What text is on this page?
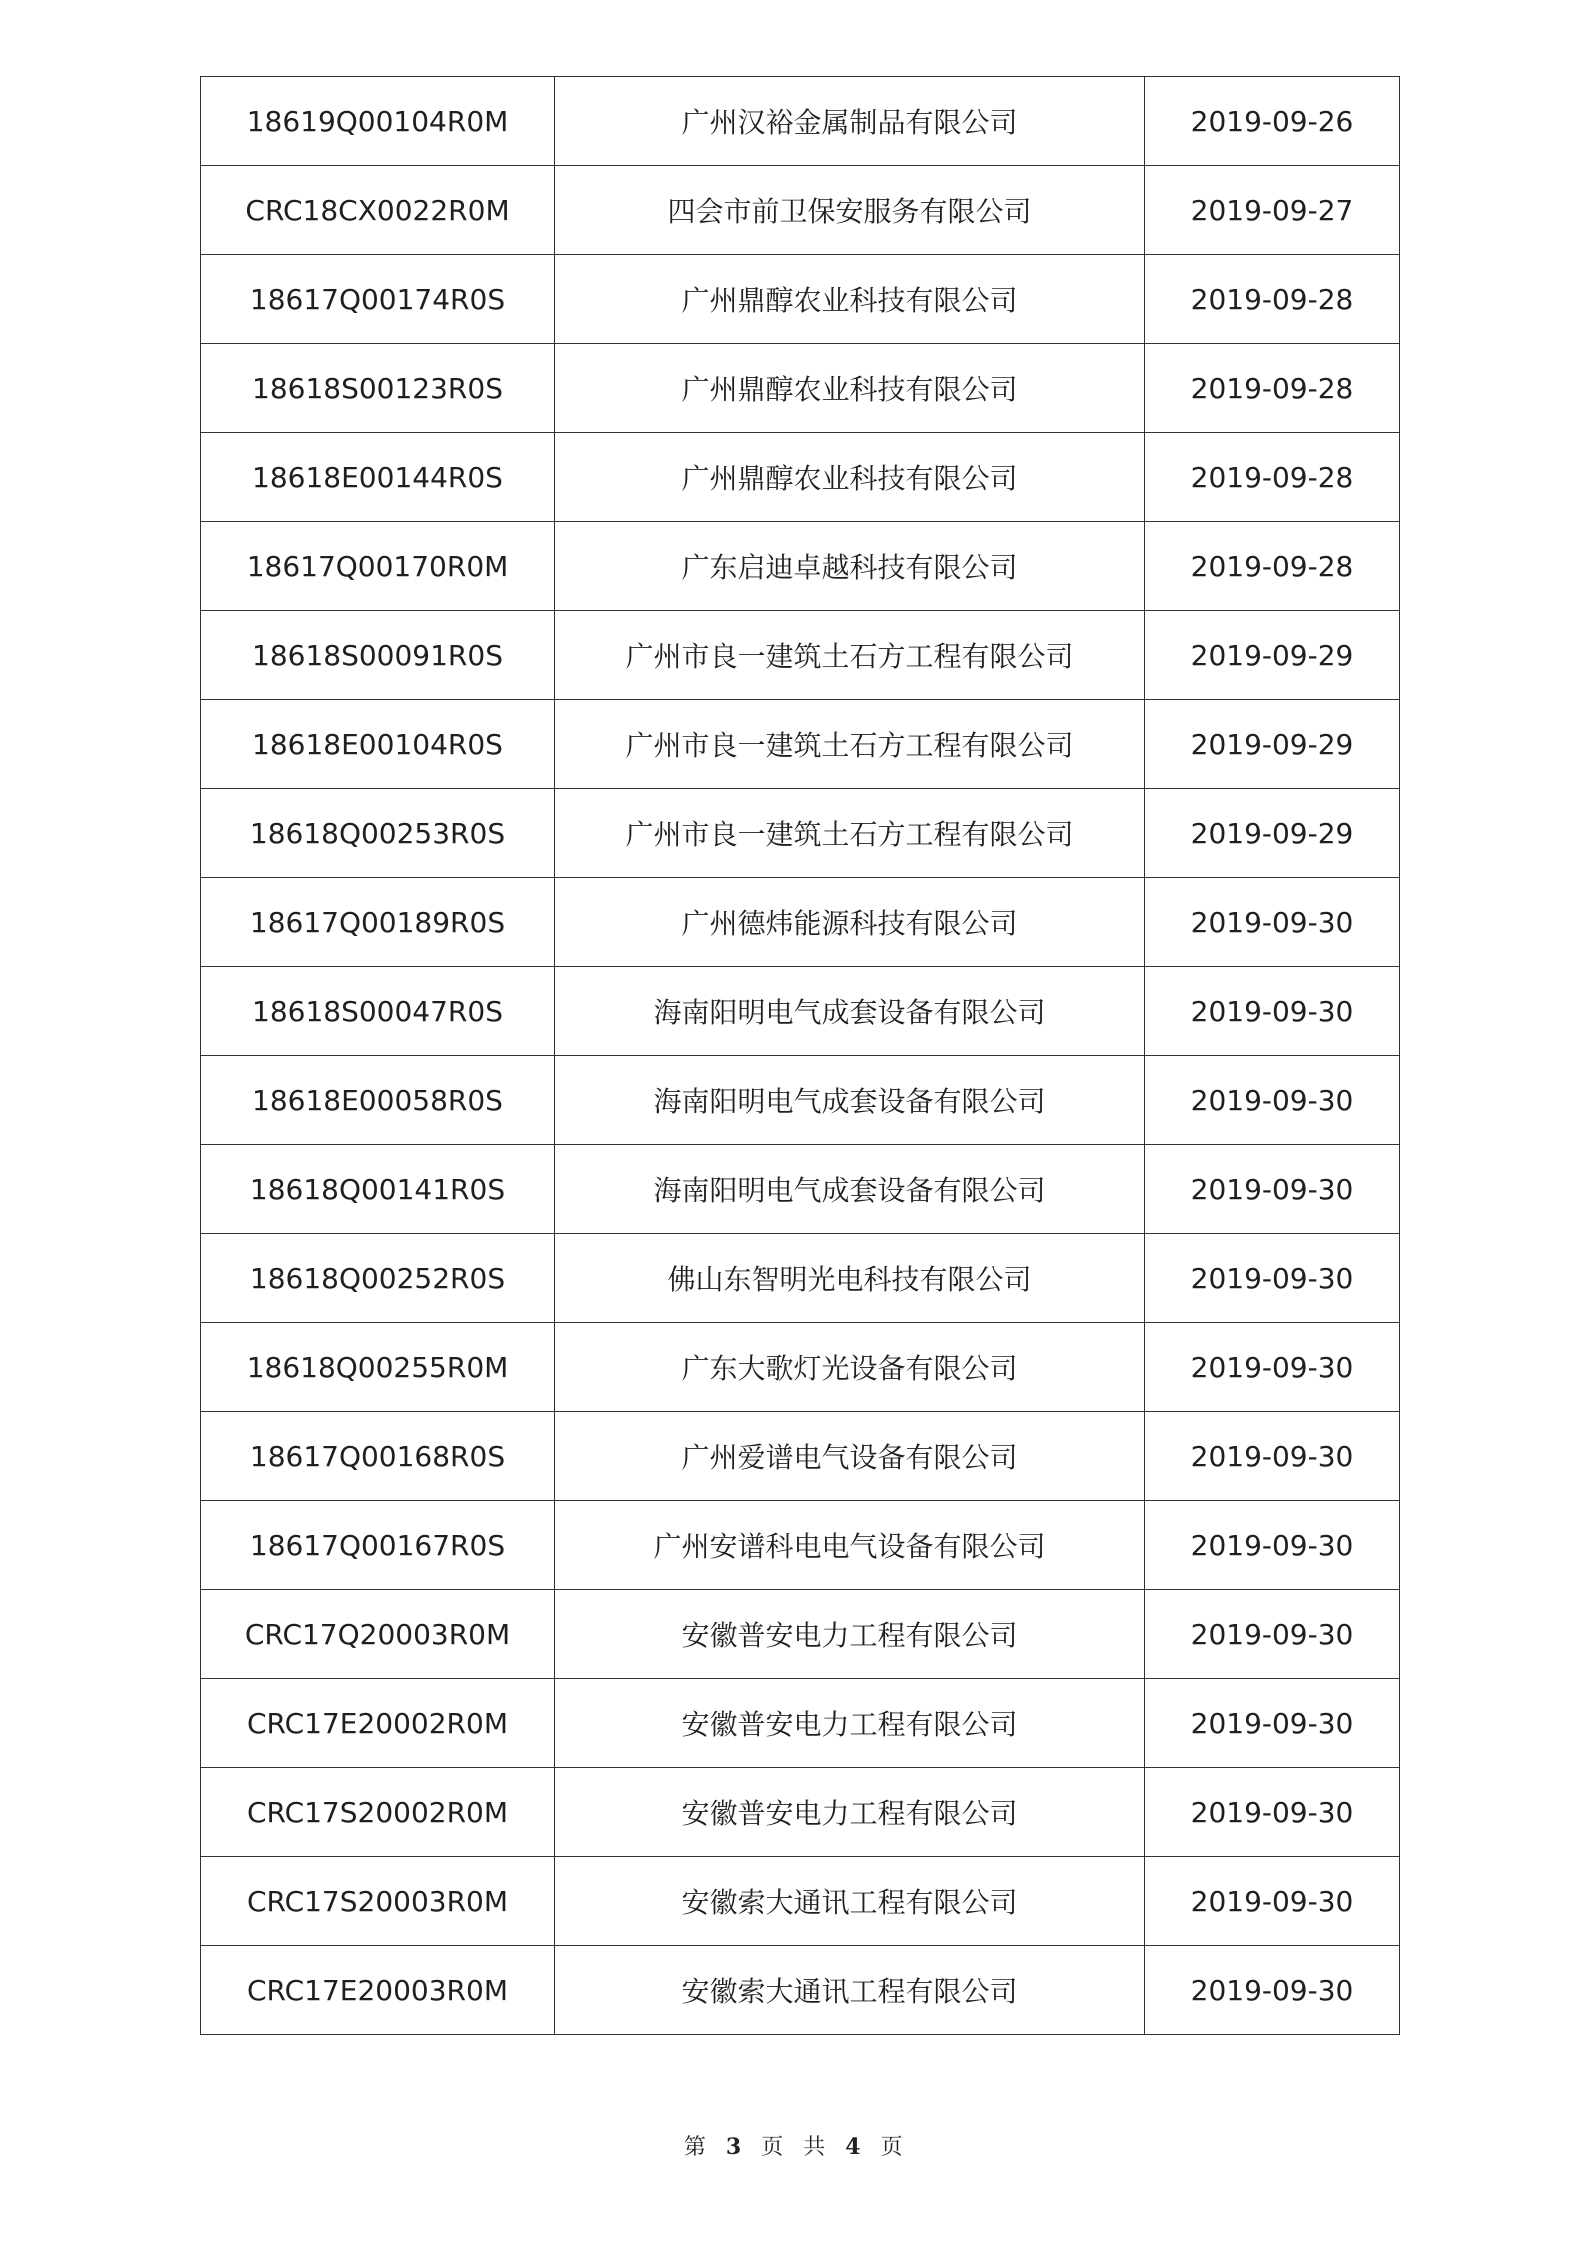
18619Q00104R0M	广州汉裕金属制品有限公司	2019-09-26
CRC18CX0022R0M	四会市前卫保安服务有限公司	2019-09-27
18617Q00174R0S	广州鼎醇农业科技有限公司	2019-09-28
18618S00123R0S	广州鼎醇农业科技有限公司	2019-09-28
18618E00144R0S	广州鼎醇农业科技有限公司	2019-09-28
18617Q00170R0M	广东启迪卓越科技有限公司	2019-09-28
18618S00091R0S	广州市良一建筑土石方工程有限公司	2019-09-29
18618E00104R0S	广州市良一建筑土石方工程有限公司	2019-09-29
18618Q00253R0S	广州市良一建筑土石方工程有限公司	2019-09-29
18617Q00189R0S	广州德炜能源科技有限公司	2019-09-30
18618S00047R0S	海南阳明电气成套设备有限公司	2019-09-30
18618E00058R0S	海南阳明电气成套设备有限公司	2019-09-30
18618Q00141R0S	海南阳明电气成套设备有限公司	2019-09-30
18618Q00252R0S	佛山东智明光电科技有限公司	2019-09-30
18618Q00255R0M	广东大歌灯光设备有限公司	2019-09-30
18617Q00168R0S	广州爱谱电气设备有限公司	2019-09-30
18617Q00167R0S	广州安谱科电电气设备有限公司	2019-09-30
CRC17Q20003R0M	安徽普安电力工程有限公司	2019-09-30
CRC17E20002R0M	安徽普安电力工程有限公司	2019-09-30
CRC17S20002R0M	安徽普安电力工程有限公司	2019-09-30
CRC17S20003R0M	安徽索大通讯工程有限公司	2019-09-30
CRC17E20003R0M	安徽索大通讯工程有限公司	2019-09-30
第 3 页 共 4 页
